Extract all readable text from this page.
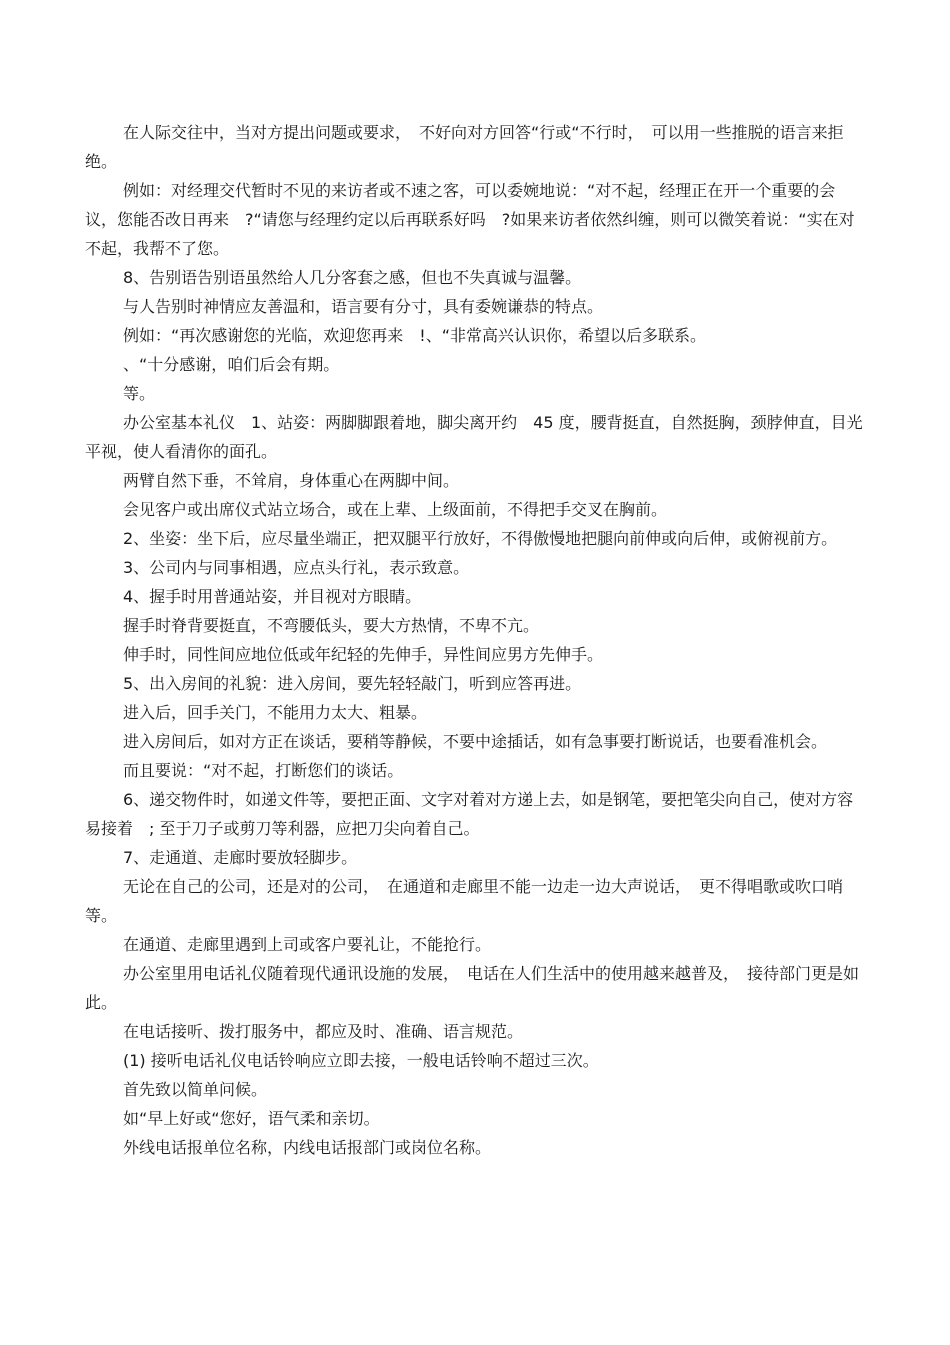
在人际交往中，当对方提出问题或要求，　不好向对方回答“行或“不行时，　可以用一些推脱的语言来拒绝。

例如：对经理交代暂时不见的来访者或不速之客，可以委婉地说：“对不起，经理正在开一个重要的会议，您能否改日再来　?“请您与经理约定以后再联系好吗　?如果来访者依然纠缠，则可以微笑着说：“实在对不起，我帮不了您。

8、告别语告别语虽然给人几分客套之感，但也不失真诚与温馨。

与人告别时神情应友善温和，语言要有分寸，具有委婉谦恭的特点。

例如：“再次感谢您的光临，欢迎您再来　!、“非常高兴认识你，希望以后多联系。

、“十分感谢，咱们后会有期。

等。

办公室基本礼仪　1、站姿：两脚脚跟着地，脚尖离开约　45 度，腰背挺直，自然挺胸，颈脖伸直，目光平视，使人看清你的面孔。

两臂自然下垂，不耸肩，身体重心在两脚中间。

会见客户或出席仪式站立场合，或在上辈、上级面前，不得把手交叉在胸前。

2、坐姿：坐下后，应尽量坐端正，把双腿平行放好，不得傲慢地把腿向前伸或向后伸，或俯视前方。

3、公司内与同事相遇，应点头行礼，表示致意。

4、握手时用普通站姿，并目视对方眼睛。

握手时脊背要挺直，不弯腰低头，要大方热情，不卑不亢。

伸手时，同性间应地位低或年纪轻的先伸手，异性间应男方先伸手。

5、出入房间的礼貌：进入房间，要先轻轻敲门，听到应答再进。

进入后，回手关门，不能用力太大、粗暴。

进入房间后，如对方正在谈话，要稍等静候，不要中途插话，如有急事要打断说话，也要看准机会。

而且要说：“对不起，打断您们的谈话。

6、递交物件时，如递文件等，要把正面、文字对着对方递上去，如是钢笔，要把笔尖向自己，使对方容易接着　; 至于刀子或剪刀等利器，应把刀尖向着自己。

7、走通道、走廊时要放轻脚步。

无论在自己的公司，还是对的公司，　在通道和走廊里不能一边走一边大声说话，　更不得唱歌或吹口哨等。

在通道、走廊里遇到上司或客户要礼让，不能抢行。

办公室里用电话礼仪随着现代通讯设施的发展，　电话在人们生活中的使用越来越普及，　接待部门更是如此。

在电话接听、拨打服务中，都应及时、准确、语言规范。

(1) 接听电话礼仪电话铃响应立即去接，一般电话铃响不超过三次。

首先致以简单问候。

如“早上好或“您好，语气柔和亲切。

外线电话报单位名称，内线电话报部门或岗位名称。
